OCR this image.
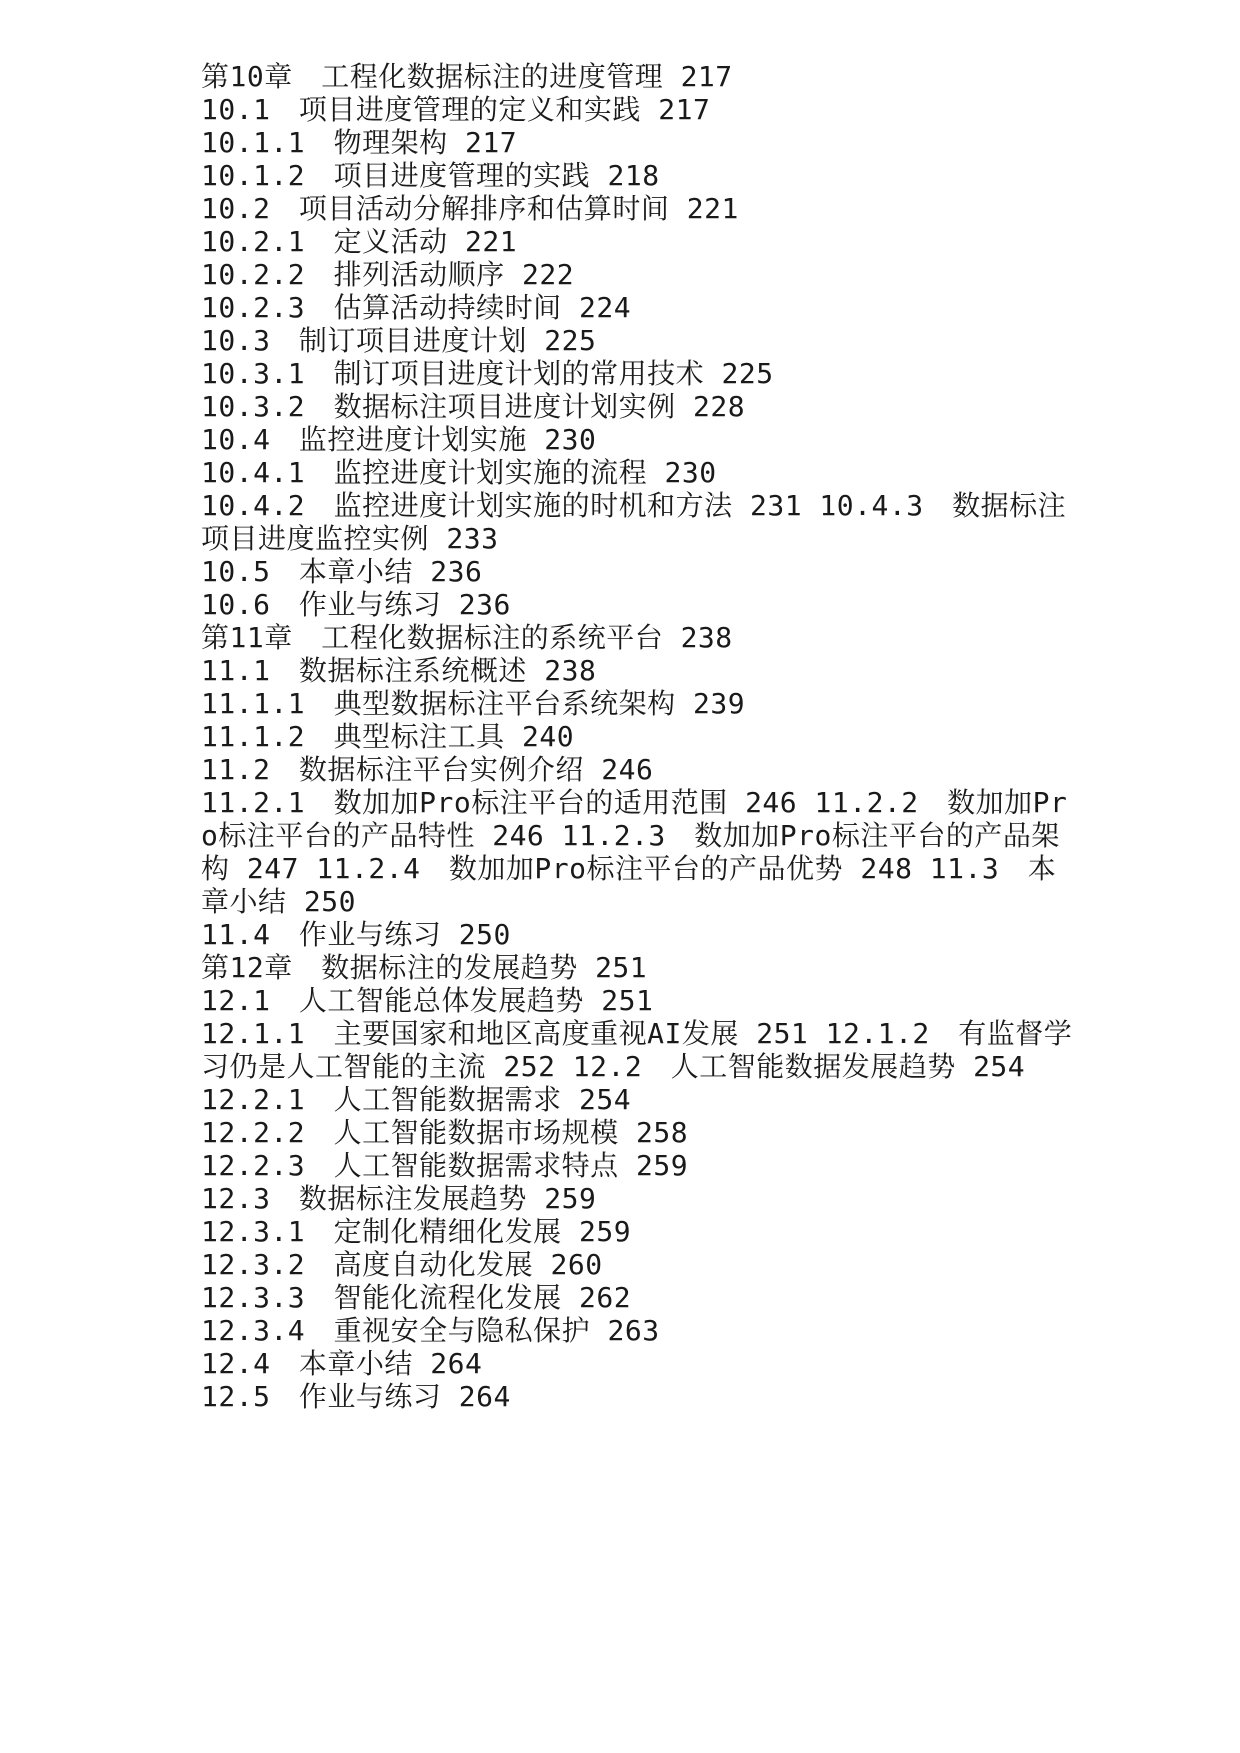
第10章　工程化数据标注的进度管理 217

10.1　项目进度管理的定义和实践 217

10.1.1　物理架构 217

10.1.2　项目进度管理的实践 218

10.2　项目活动分解排序和估算时间 221

10.2.1　定义活动 221

10.2.2　排列活动顺序 222

10.2.3　估算活动持续时间 224

10.3　制订项目进度计划 225

10.3.1　制订项目进度计划的常用技术 225

10.3.2　数据标注项目进度计划实例 228

10.4　监控进度计划实施 230

10.4.1　监控进度计划实施的流程 230

10.4.2　监控进度计划实施的时机和方法 231 10.4.3　数据标注项目进度监控实例 233

10.5　本章小结 236

10.6　作业与练习 236

第11章　工程化数据标注的系统平台 238

11.1　数据标注系统概述 238

11.1.1　典型数据标注平台系统架构 239

11.1.2　典型标注工具 240

11.2　数据标注平台实例介绍 246

11.2.1　数加加Pro标注平台的适用范围 246 11.2.2　数加加Pro标注平台的产品特性 246 11.2.3　数加加Pro标注平台的产品架构 247 11.2.4　数加加Pro标注平台的产品优势 248 11.3　本章小结 250

11.4　作业与练习 250

第12章　数据标注的发展趋势 251

12.1　人工智能总体发展趋势 251

12.1.1　主要国家和地区高度重视AI发展 251 12.1.2　有监督学习仍是人工智能的主流 252 12.2　人工智能数据发展趋势 254

12.2.1　人工智能数据需求 254

12.2.2　人工智能数据市场规模 258

12.2.3　人工智能数据需求特点 259

12.3　数据标注发展趋势 259

12.3.1　定制化精细化发展 259

12.3.2　高度自动化发展 260

12.3.3　智能化流程化发展 262

12.3.4　重视安全与隐私保护 263

12.4　本章小结 264

12.5　作业与练习 264
